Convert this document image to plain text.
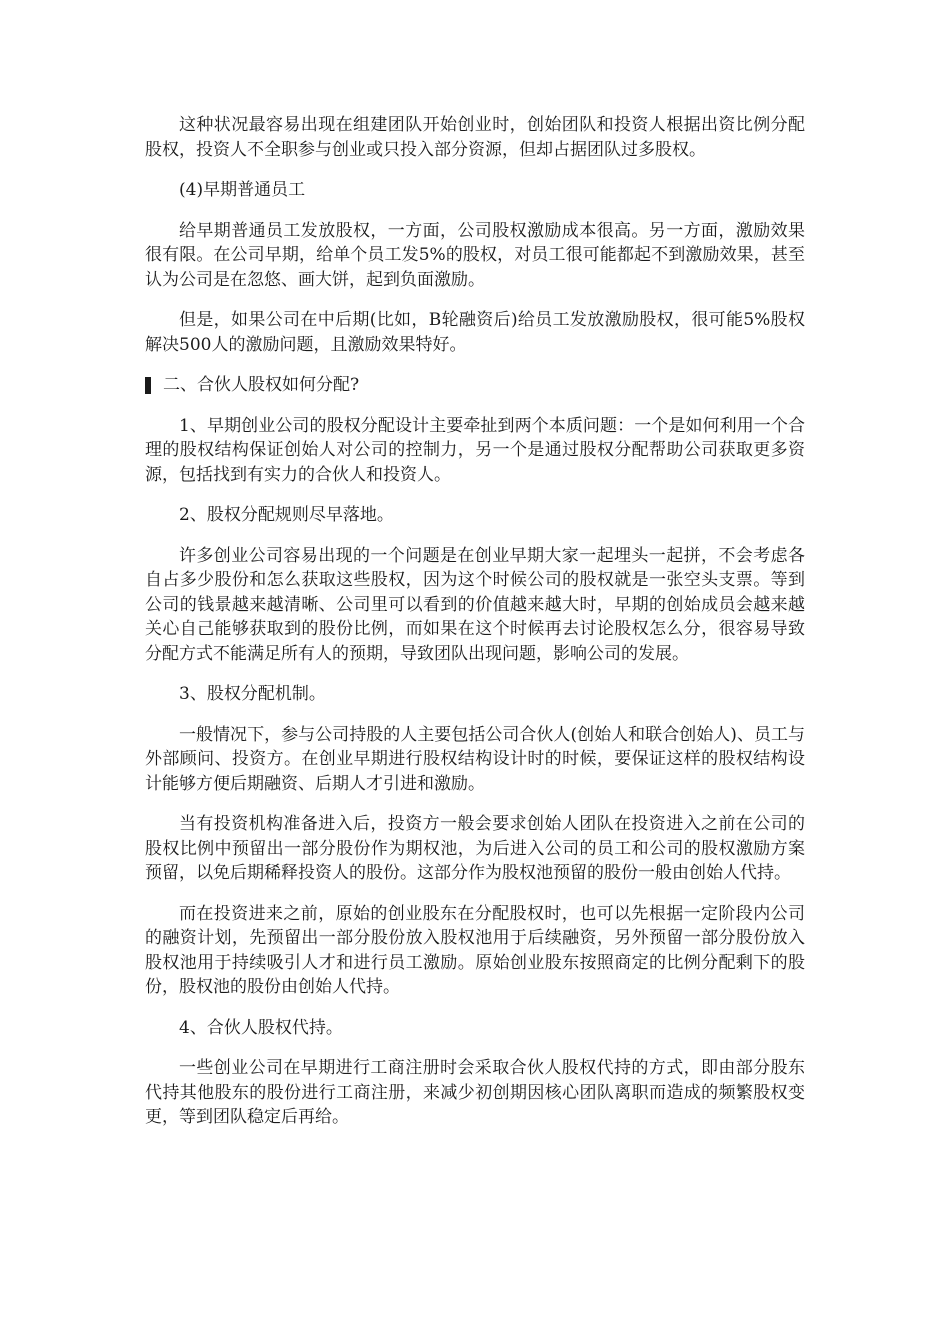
这种状况最容易出现在组建团队开始创业时，创始团队和投资人根据出资比例分配股权，投资人不全职参与创业或只投入部分资源，但却占据团队过多股权。

(4)早期普通员工

给早期普通员工发放股权，一方面，公司股权激励成本很高。另一方面，激励效果很有限。在公司早期，给单个员工发5%的股权，对员工很可能都起不到激励效果，甚至认为公司是在忽悠、画大饼，起到负面激励。

但是，如果公司在中后期(比如，B轮融资后)给员工发放激励股权，很可能5%股权解决500人的激励问题，且激励效果特好。

二、合伙人股权如何分配?

1、早期创业公司的股权分配设计主要牵扯到两个本质问题：一个是如何利用一个合理的股权结构保证创始人对公司的控制力，另一个是通过股权分配帮助公司获取更多资源，包括找到有实力的合伙人和投资人。

2、股权分配规则尽早落地。

许多创业公司容易出现的一个问题是在创业早期大家一起埋头一起拼，不会考虑各自占多少股份和怎么获取这些股权，因为这个时候公司的股权就是一张空头支票。等到公司的钱景越来越清晰、公司里可以看到的价值越来越大时，早期的创始成员会越来越关心自己能够获取到的股份比例，而如果在这个时候再去讨论股权怎么分，很容易导致分配方式不能满足所有人的预期，导致团队出现问题，影响公司的发展。

3、股权分配机制。

一般情况下，参与公司持股的人主要包括公司合伙人(创始人和联合创始人)、员工与外部顾问、投资方。在创业早期进行股权结构设计时的时候，要保证这样的股权结构设计能够方便后期融资、后期人才引进和激励。

当有投资机构准备进入后，投资方一般会要求创始人团队在投资进入之前在公司的股权比例中预留出一部分股份作为期权池，为后进入公司的员工和公司的股权激励方案预留，以免后期稀释投资人的股份。这部分作为股权池预留的股份一般由创始人代持。

而在投资进来之前，原始的创业股东在分配股权时，也可以先根据一定阶段内公司的融资计划，先预留出一部分股份放入股权池用于后续融资，另外预留一部分股份放入股权池用于持续吸引人才和进行员工激励。原始创业股东按照商定的比例分配剩下的股份，股权池的股份由创始人代持。

4、合伙人股权代持。

一些创业公司在早期进行工商注册时会采取合伙人股权代持的方式，即由部分股东代持其他股东的股份进行工商注册，来减少初创期因核心团队离职而造成的频繁股权变更，等到团队稳定后再给。
